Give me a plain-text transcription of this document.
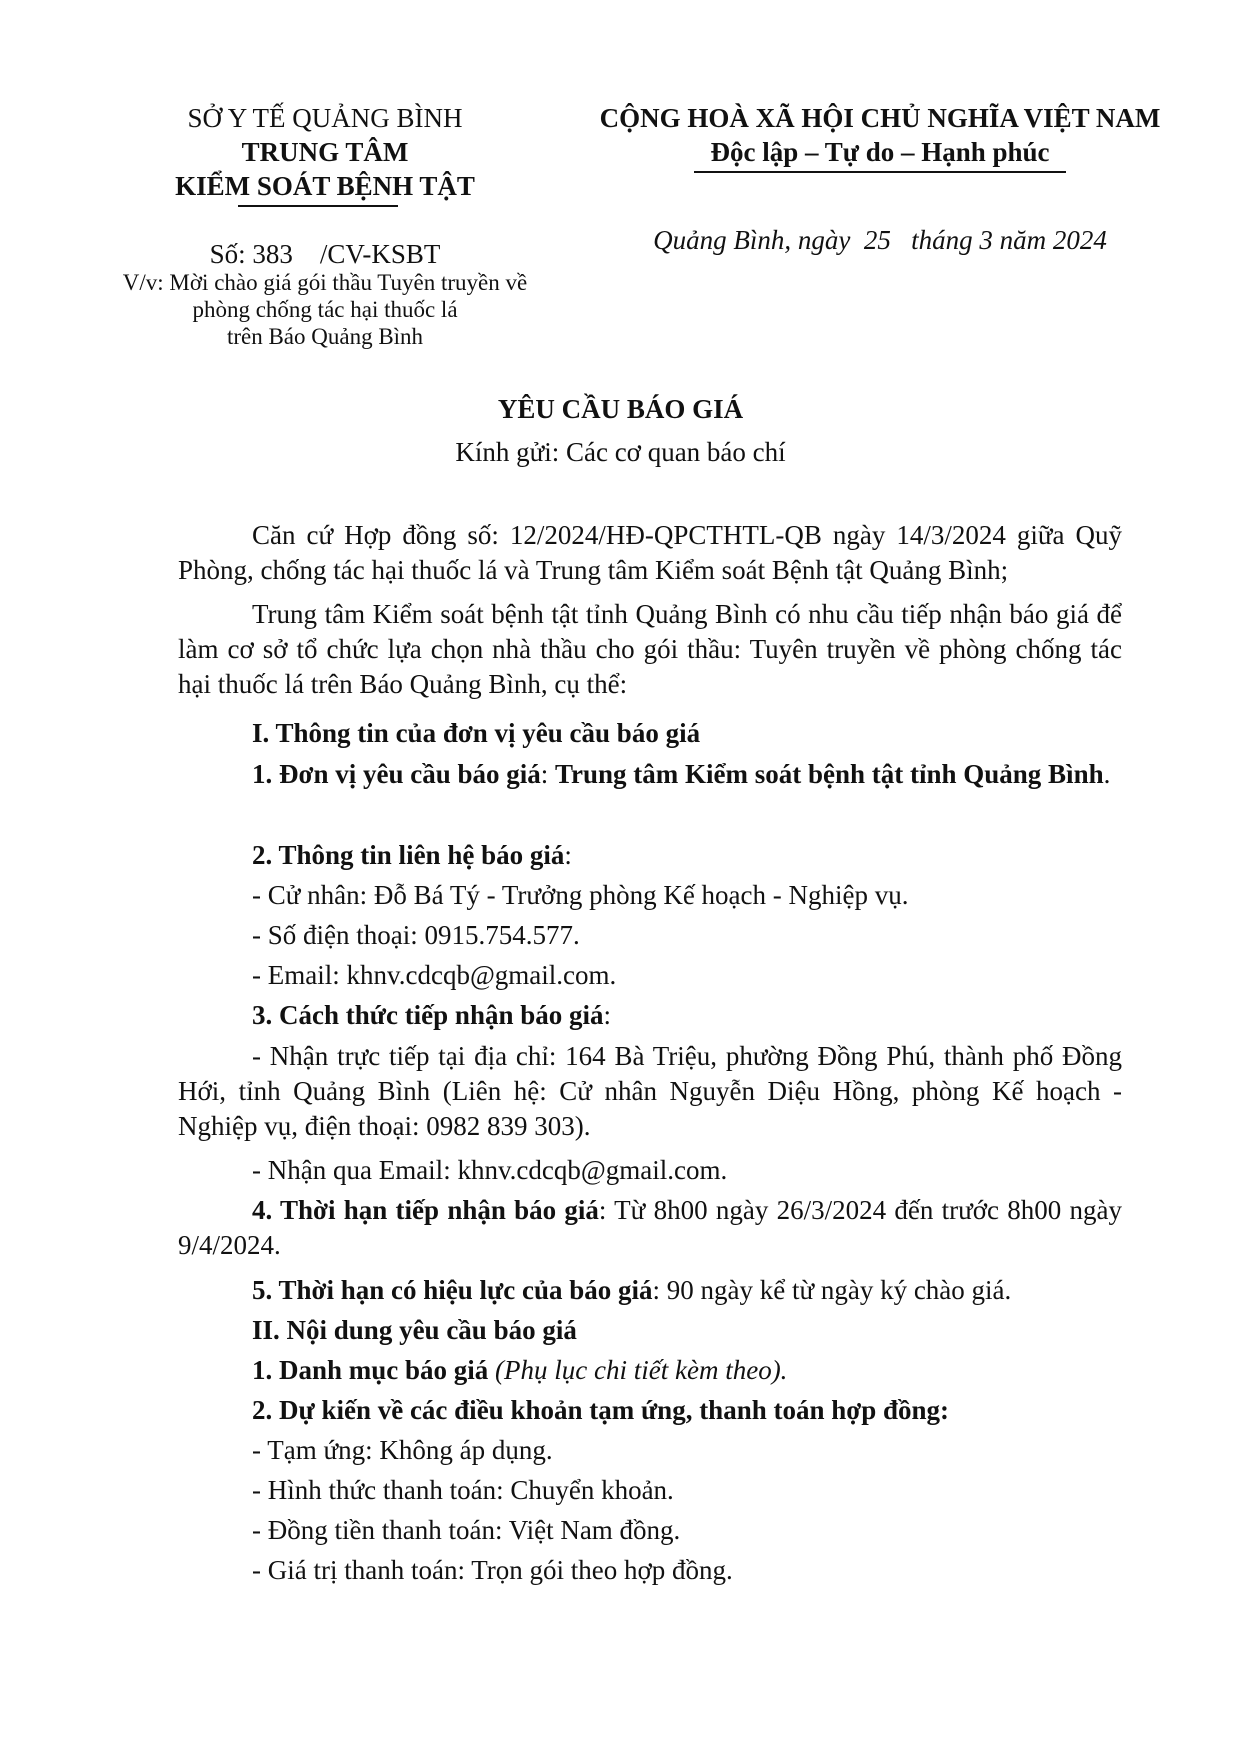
SỞ Y TẾ QUẢNG BÌNH
TRUNG TÂM
KIỂM SOÁT BỆNH TẬT
Số: 383    /CV-KSBT
V/v: Mời chào giá gói thầu Tuyên truyền về
phòng chống tác hại thuốc lá
trên Báo Quảng Bình
CỘNG HOÀ XÃ HỘI CHỦ NGHĨA VIỆT NAM
Độc lập – Tự do – Hạnh phúc
Quảng Bình, ngày  25   tháng 3 năm 2024
YÊU CẦU BÁO GIÁ
Kính gửi: Các cơ quan báo chí
Căn cứ Hợp đồng số: 12/2024/HĐ-QPCTHTL-QB ngày 14/3/2024 giữa Quỹ Phòng, chống tác hại thuốc lá và Trung tâm Kiểm soát Bệnh tật Quảng Bình;
Trung tâm Kiểm soát bệnh tật tỉnh Quảng Bình có nhu cầu tiếp nhận báo giá để làm cơ sở tổ chức lựa chọn nhà thầu cho gói thầu: Tuyên truyền về phòng chống tác hại thuốc lá trên Báo Quảng Bình, cụ thể:
I. Thông tin của đơn vị yêu cầu báo giá
1. Đơn vị yêu cầu báo giá: Trung tâm Kiểm soát bệnh tật tỉnh Quảng Bình.
2. Thông tin liên hệ báo giá:
- Cử nhân: Đỗ Bá Tý - Trưởng phòng Kế hoạch - Nghiệp vụ.
- Số điện thoại: 0915.754.577.
- Email: khnv.cdcqb@gmail.com.
3. Cách thức tiếp nhận báo giá:
- Nhận trực tiếp tại địa chỉ: 164 Bà Triệu, phường Đồng Phú, thành phố Đồng Hới, tỉnh Quảng Bình (Liên hệ: Cử nhân Nguyễn Diệu Hồng, phòng Kế hoạch - Nghiệp vụ, điện thoại: 0982 839 303).
- Nhận qua Email: khnv.cdcqb@gmail.com.
4. Thời hạn tiếp nhận báo giá: Từ 8h00 ngày 26/3/2024 đến trước 8h00 ngày 9/4/2024.
5. Thời hạn có hiệu lực của báo giá: 90 ngày kể từ ngày ký chào giá.
II. Nội dung yêu cầu báo giá
1. Danh mục báo giá (Phụ lục chi tiết kèm theo).
2. Dự kiến về các điều khoản tạm ứng, thanh toán hợp đồng:
- Tạm ứng: Không áp dụng.
- Hình thức thanh toán: Chuyển khoản.
- Đồng tiền thanh toán: Việt Nam đồng.
- Giá trị thanh toán: Trọn gói theo hợp đồng.
